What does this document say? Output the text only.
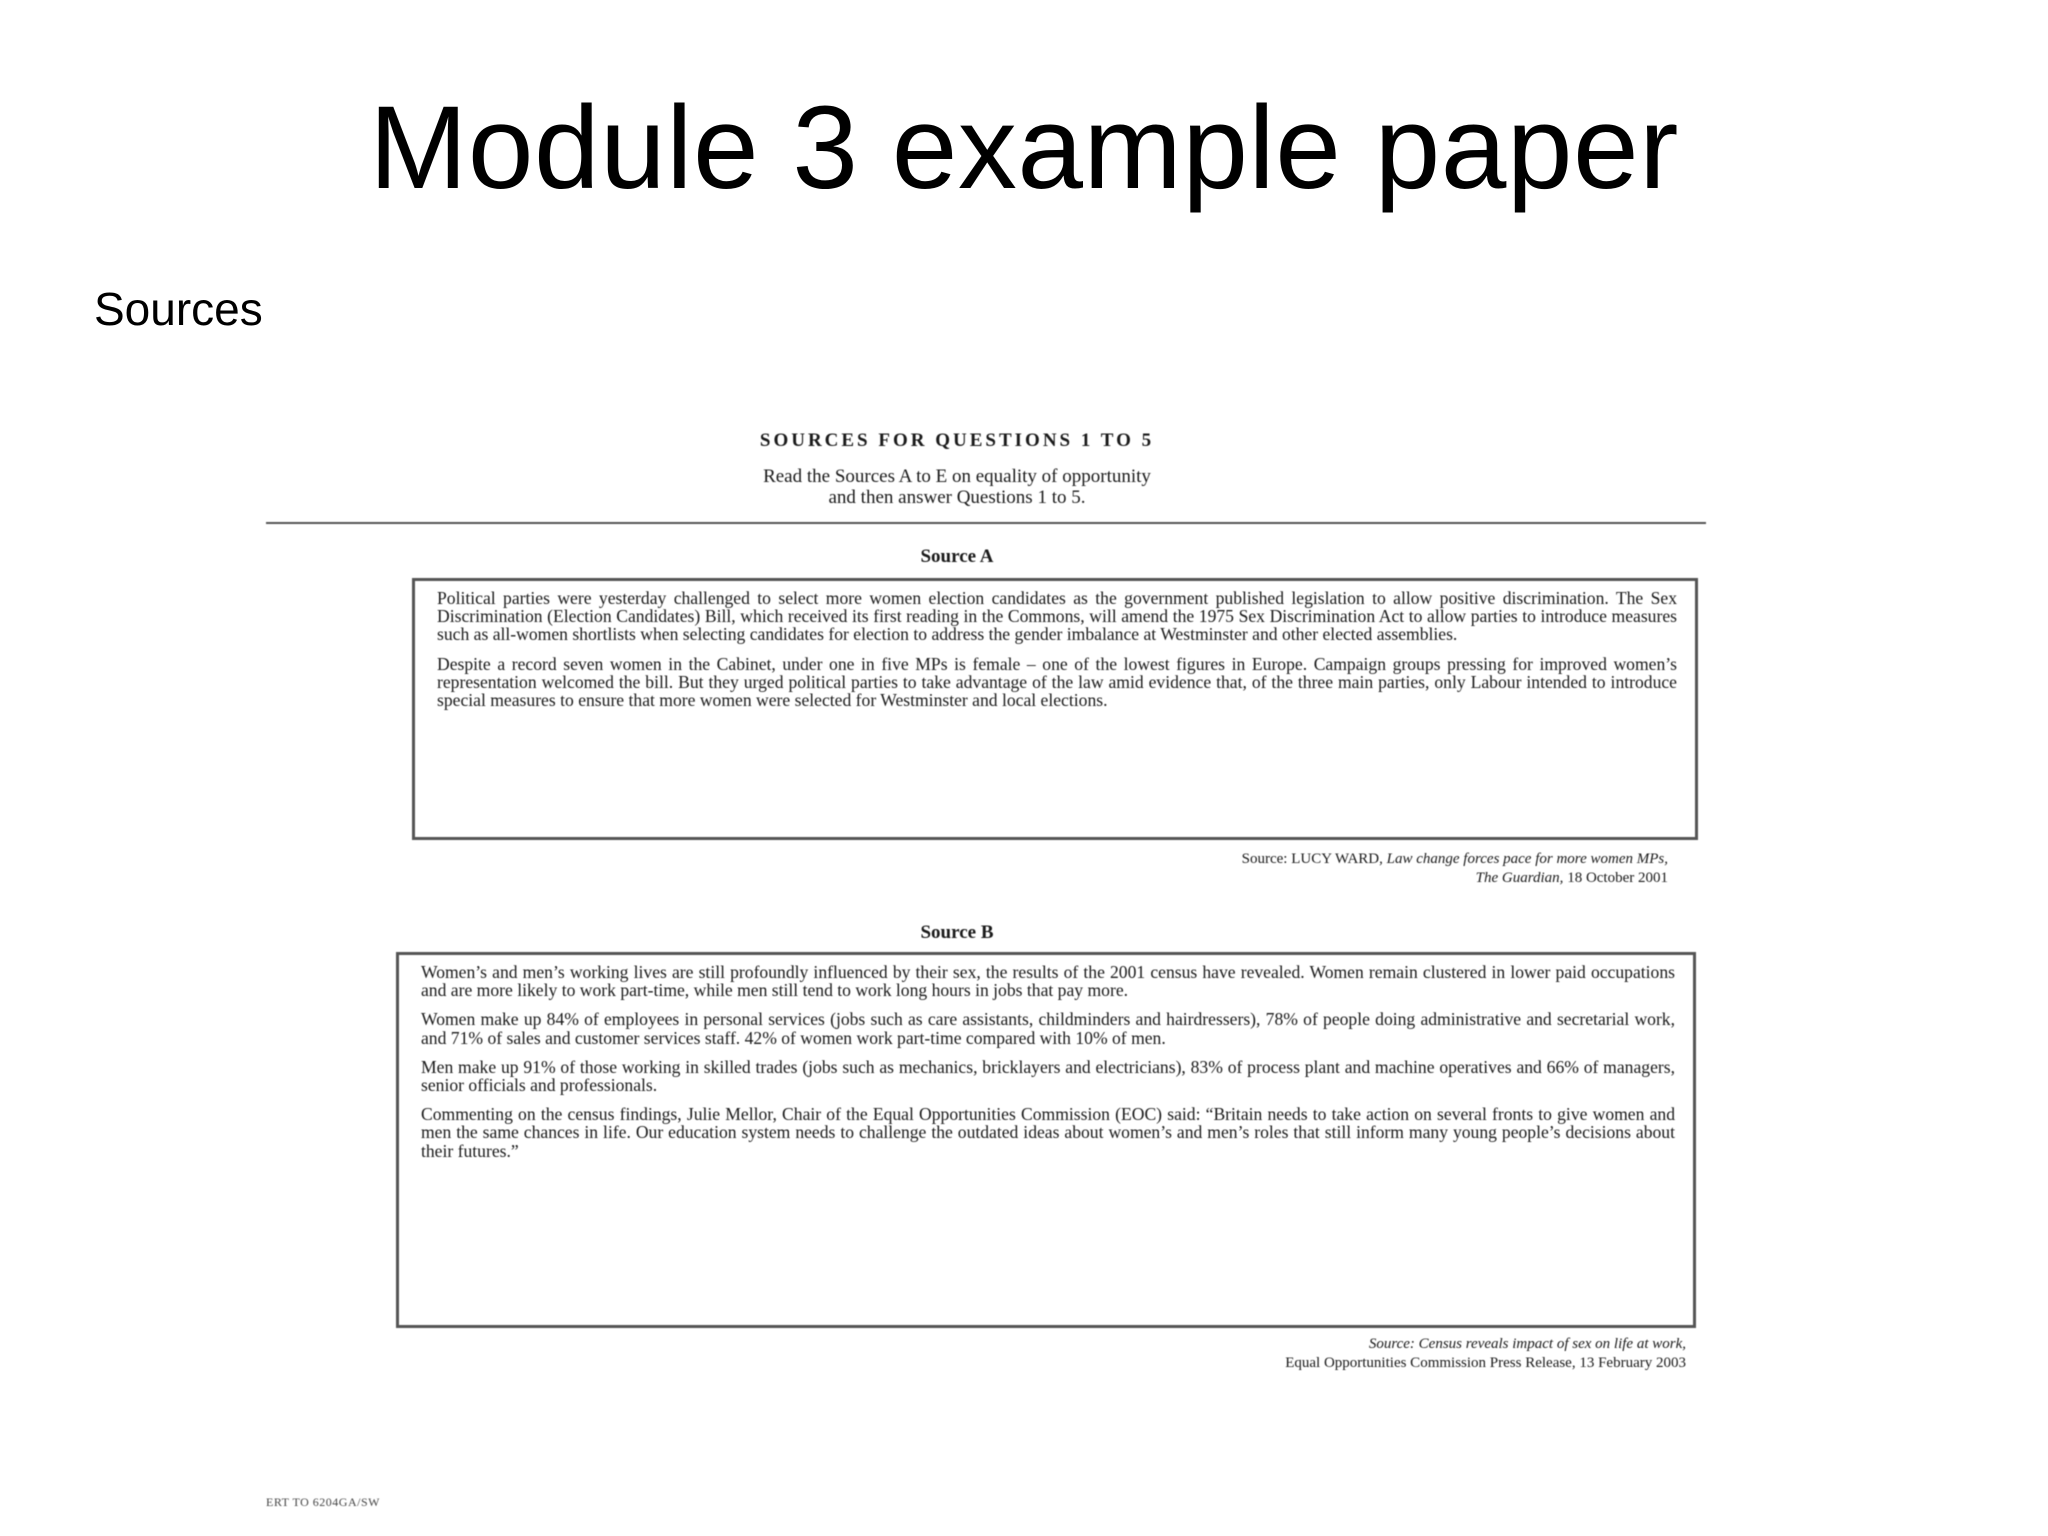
Module 3 example paper
Sources
SOURCES FOR QUESTIONS 1 TO 5
Read the Sources A to E on equality of opportunity
and then answer Questions 1 to 5.
Source A

Political parties were yesterday challenged to select more women election candidates as the government published legislation to allow positive discrimination. The Sex Discrimination (Election Candidates) Bill, which received its first reading in the Commons, will amend the 1975 Sex Discrimination Act to allow parties to introduce measures such as all-women shortlists when selecting candidates for election to address the gender imbalance at Westminster and other elected assemblies.

Despite a record seven women in the Cabinet, under one in five MPs is female – one of the lowest figures in Europe. Campaign groups pressing for improved women’s representation welcomed the bill. But they urged political parties to take advantage of the law amid evidence that, of the three main parties, only Labour intended to introduce special measures to ensure that more women were selected for Westminster and local elections.

Source: LUCY WARD, Law change forces pace for more women MPs,
The Guardian, 18 October 2001
Source B

Women’s and men’s working lives are still profoundly influenced by their sex, the results of the 2001 census have revealed. Women remain clustered in lower paid occupations and are more likely to work part-time, while men still tend to work long hours in jobs that pay more.

Women make up 84% of employees in personal services (jobs such as care assistants, childminders and hairdressers), 78% of people doing administrative and secretarial work, and 71% of sales and customer services staff. 42% of women work part-time compared with 10% of men.

Men make up 91% of those working in skilled trades (jobs such as mechanics, bricklayers and electricians), 83% of process plant and machine operatives and 66% of managers, senior officials and professionals.

Commenting on the census findings, Julie Mellor, Chair of the Equal Opportunities Commission (EOC) said: “Britain needs to take action on several fronts to give women and men the same chances in life. Our education system needs to challenge the outdated ideas about women’s and men’s roles that still inform many young people’s decisions about their futures.”

Source: Census reveals impact of sex on life at work,
Equal Opportunities Commission Press Release, 13 February 2003
ERT TO 6204GA/SW
